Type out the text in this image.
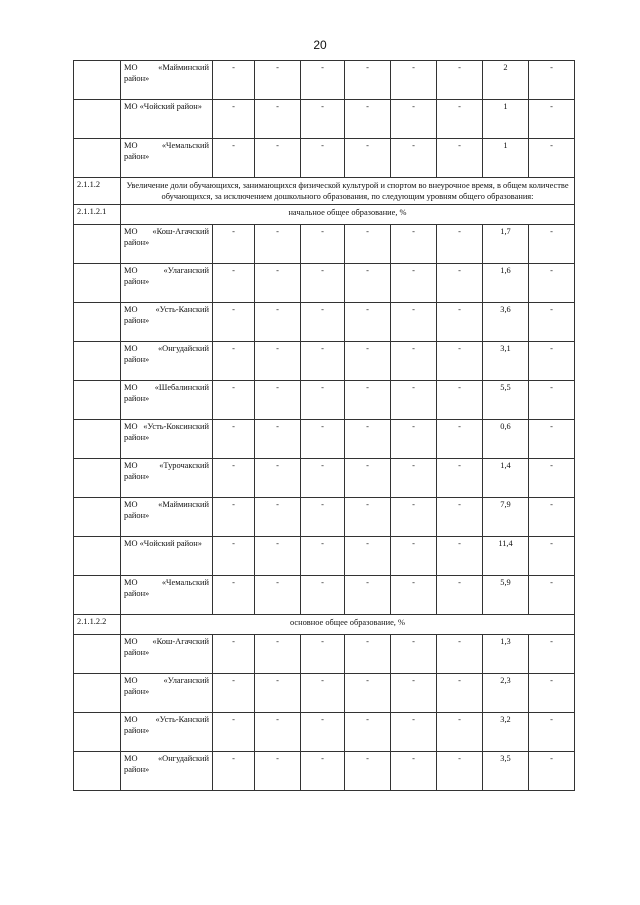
20
	МО «Майминский район»	-	-	-	-	-	-	2	-
	МО «Чойский район»	-	-	-	-	-	-	1	-
	МО «Чемальский район»	-	-	-	-	-	-	1	-
2.1.1.2	Увеличение доли обучающихся, занимающихся физической культурой и спортом во внеурочное время, в общем количестве обучающихся, за исключением дошкольного образования, по следующим уровням общего образования:								
2.1.1.2.1	начальное общее образование, %								
	МО «Кош-Агачский район»	-	-	-	-	-	-	1,7	-
	МО «Улаганский район»	-	-	-	-	-	-	1,6	-
	МО «Усть-Канский район»	-	-	-	-	-	-	3,6	-
	МО «Онгудайский район»	-	-	-	-	-	-	3,1	-
	МО «Шебалинский район»	-	-	-	-	-	-	5,5	-
	МО «Усть-Коксинский район»	-	-	-	-	-	-	0,6	-
	МО «Турочакский район»	-	-	-	-	-	-	1,4	-
	МО «Майминский район»	-	-	-	-	-	-	7,9	-
	МО «Чойский район»	-	-	-	-	-	-	11,4	-
	МО «Чемальский район»	-	-	-	-	-	-	5,9	-
2.1.1.2.2	основное общее образование, %								
	МО «Кош-Агачский район»	-	-	-	-	-	-	1,3	-
	МО «Улаганский район»	-	-	-	-	-	-	2,3	-
	МО «Усть-Канский район»	-	-	-	-	-	-	3,2	-
	МО «Онгудайский район»	-	-	-	-	-	-	3,5	-
